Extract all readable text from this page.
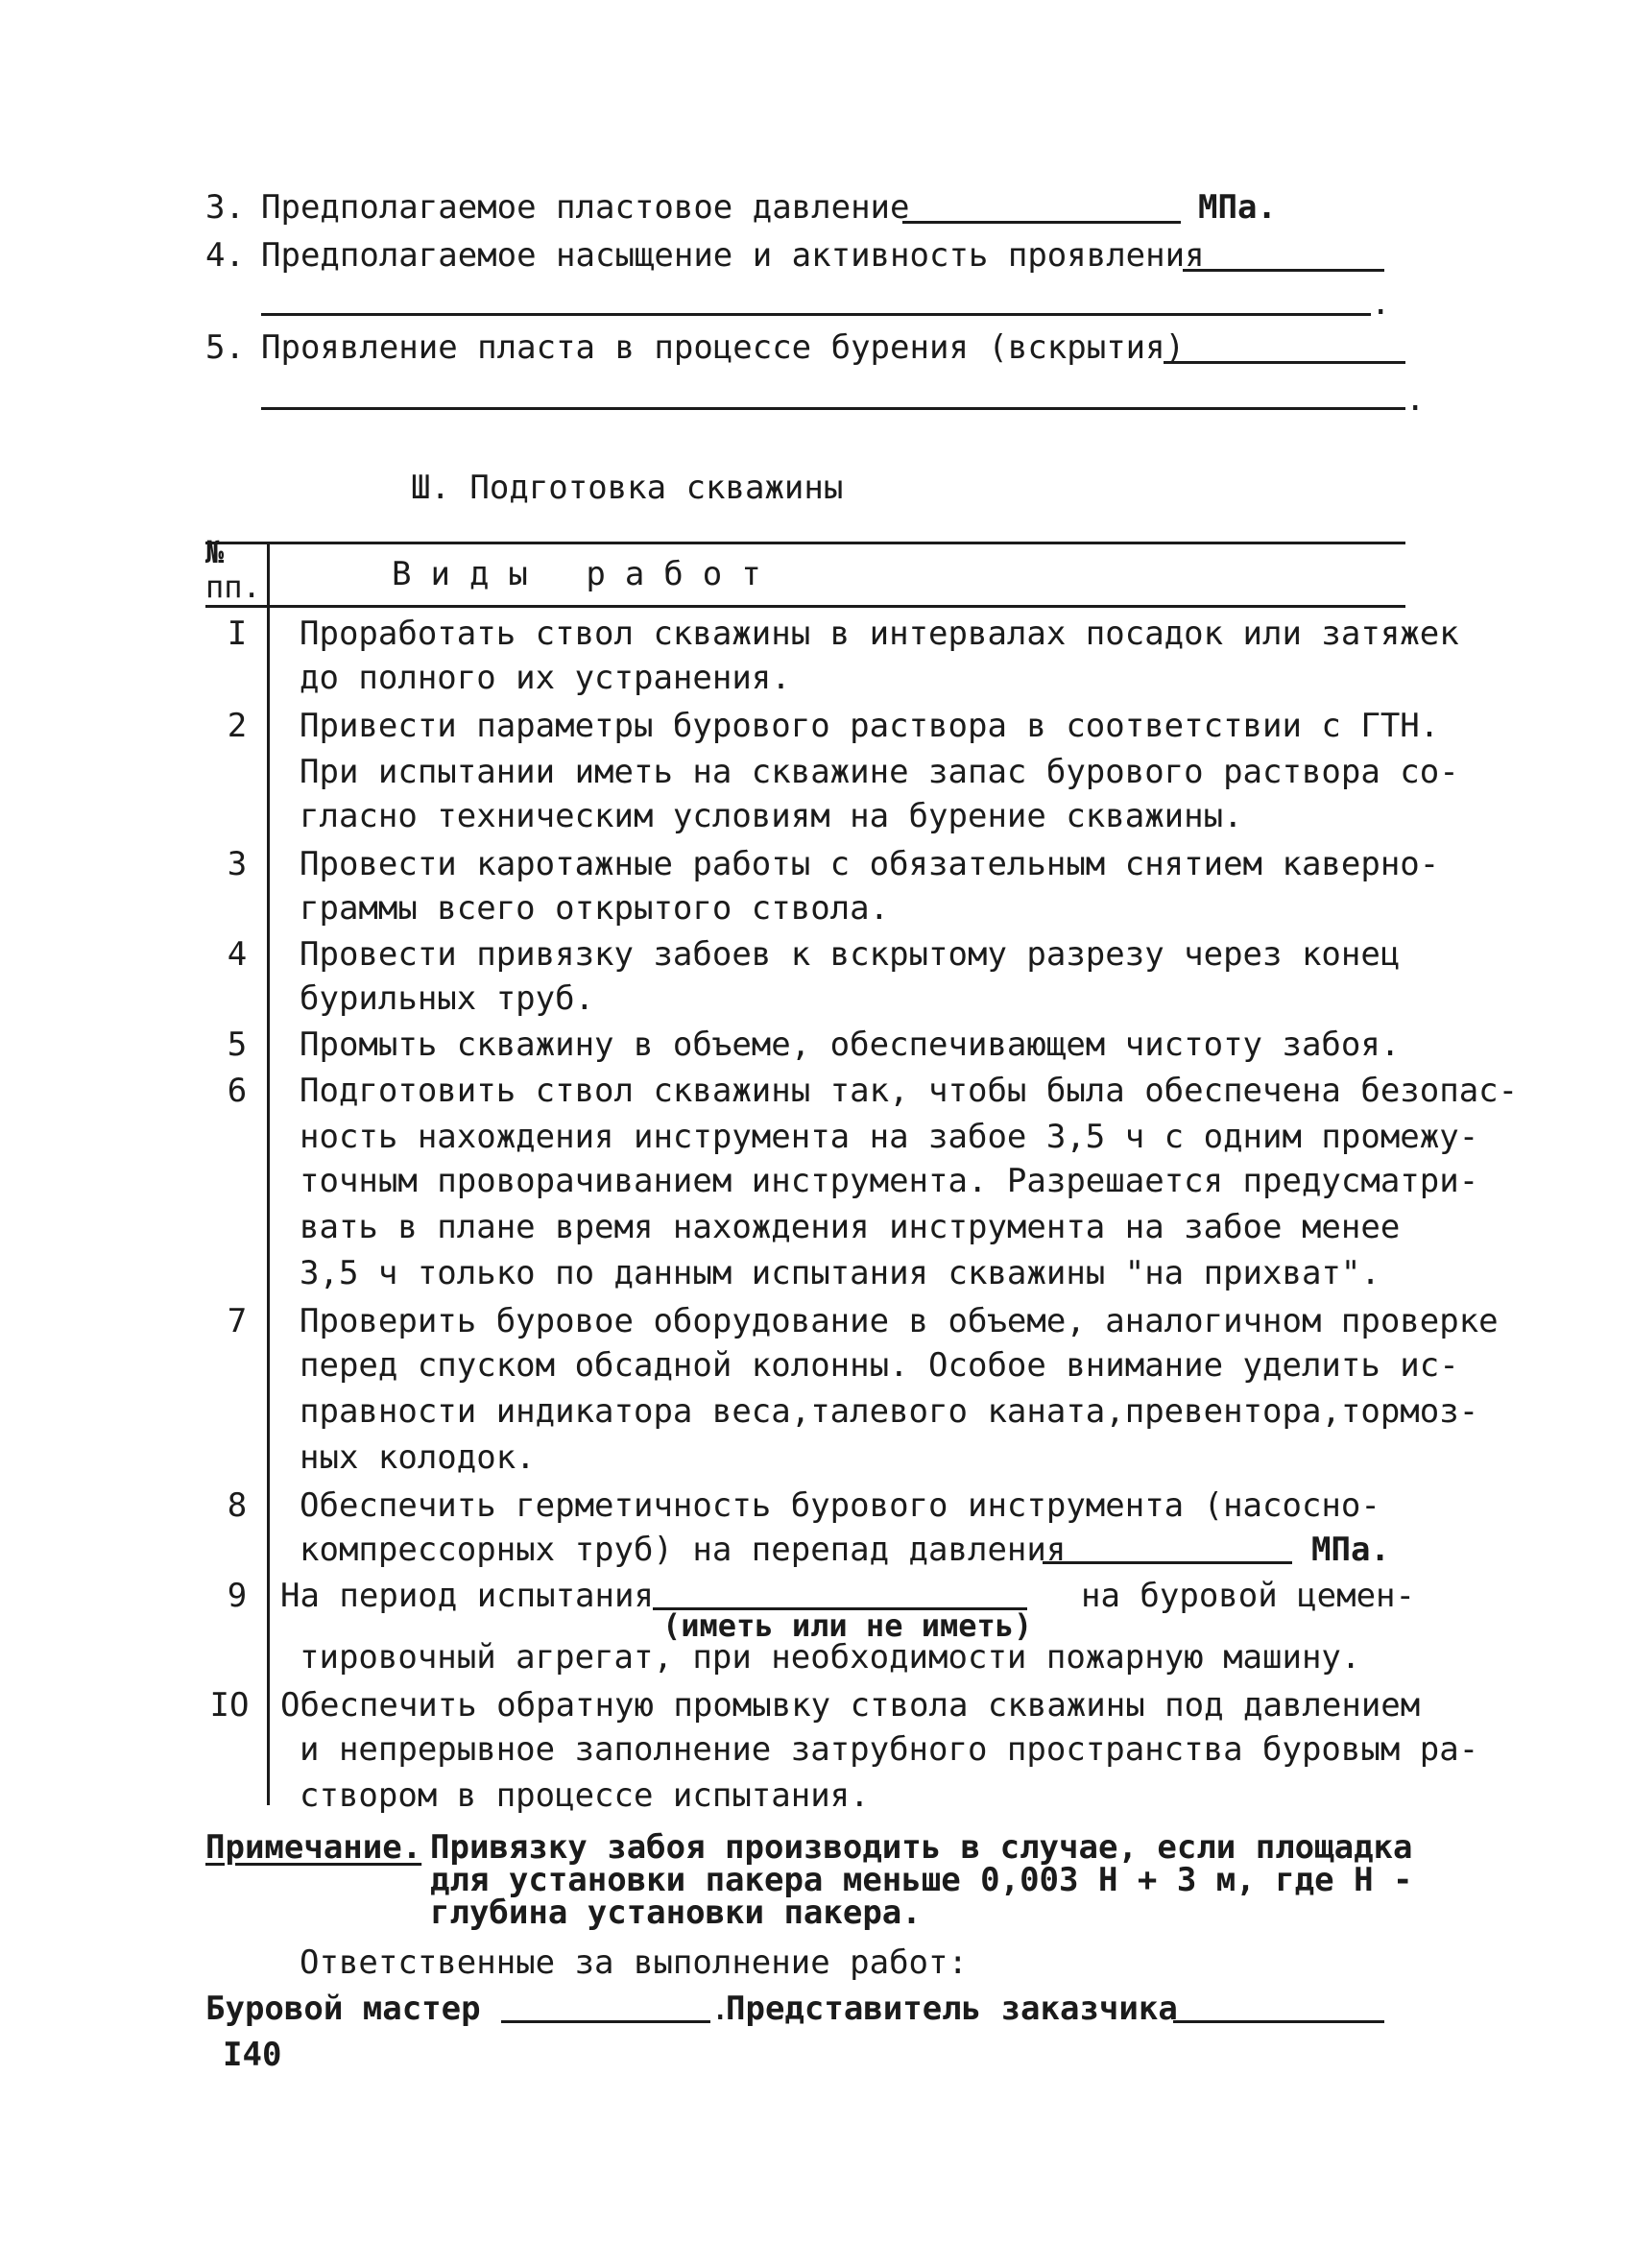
3. Предполагаемое пластовое давление	МПа.
4. Предполагаемое насыщение и активность проявления
.
5. Проявление пласта в процессе бурения (вскрытия)
.
Ш. Подготовка скважины
№
пп.	Виды работ
I	Проработать ствол скважины в интервалах посадок или затяжек
до полного их устранения.
2	Привести параметры бурового раствора в соответствии с ГТН.
При испытании иметь на скважине запас бурового раствора со-
гласно техническим условиям на бурение скважины.
3	Провести каротажные работы с обязательным снятием каверно-
граммы всего открытого ствола.
4	Провести привязку забоев к вскрытому разрезу через конец
бурильных труб.
5	Промыть скважину в объеме, обеспечивающем чистоту забоя.
6	Подготовить ствол скважины так, чтобы была обеспечена безопас-
ность нахождения инструмента на забое 3,5 ч с одним промежу-
точным проворачиванием инструмента. Разрешается предусматри-
вать в плане время нахождения инструмента на забое менее
3,5 ч только по данным испытания скважины "на прихват".
7	Проверить буровое оборудование в объеме, аналогичном проверке
перед спуском обсадной колонны. Особое внимание уделить ис-
правности индикатора веса,талевого каната,превентора,тормоз-
ных колодок.
8	Обеспечить герметичность бурового инструмента (насосно-
компрессорных труб) на перепад давления	МПа.
9	На период испытания	на буровой цемен-
(иметь или не иметь)
тировочный агрегат, при необходимости пожарную машину.
IO Обеспечить обратную промывку ствола скважины под давлением
и непрерывное заполнение затрубного пространства буровым ра-
створом в процессе испытания.
Примечание. Привязку забоя производить в случае, если площадка
для установки пакера меньше 0,003 Н + 3 м, где Н -
глубина установки пакера.
Ответственные за выполнение работ:
Буровой мастер	.
Представитель заказчика
I40
